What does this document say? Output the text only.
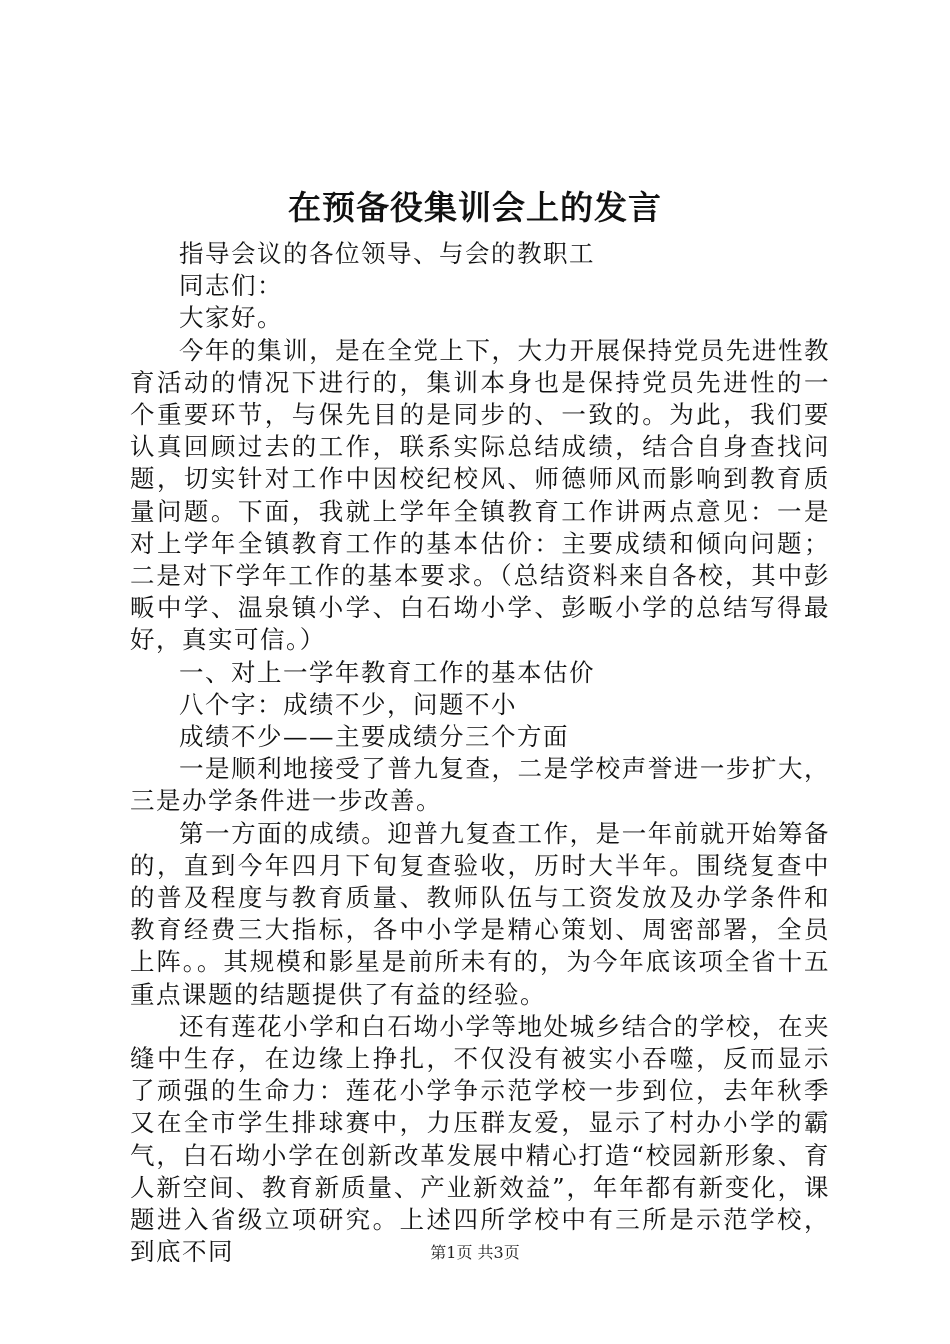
在预备役集训会上的发言

指导会议的各位领导、与会的教职工

同志们：

大家好。

今年的集训，是在全党上下，大力开展保持党员先进性教育活动的情况下进行的，集训本身也是保持党员先进性的一个重要环节，与保先目的是同步的、一致的。为此，我们要认真回顾过去的工作，联系实际总结成绩，结合自身查找问题，切实针对工作中因校纪校风、师德师风而影响到教育质量问题。下面，我就上学年全镇教育工作讲两点意见：一是对上学年全镇教育工作的基本估价：主要成绩和倾向问题；二是对下学年工作的基本要求。（总结资料来自各校，其中彭畈中学、温泉镇小学、白石坳小学、彭畈小学的总结写得最好，真实可信。）

一、对上一学年教育工作的基本估价

八个字：成绩不少，问题不小

成绩不少——主要成绩分三个方面

一是顺利地接受了普九复查，二是学校声誉进一步扩大，三是办学条件进一步改善。

第一方面的成绩。迎普九复查工作，是一年前就开始筹备的，直到今年四月下旬复查验收，历时大半年。围绕复查中的普及程度与教育质量、教师队伍与工资发放及办学条件和教育经费三大指标，各中小学是精心策划、周密部署，全员上阵。。其规模和影星是前所未有的，为今年底该项全省十五重点课题的结题提供了有益的经验。

还有莲花小学和白石坳小学等地处城乡结合的学校，在夹缝中生存，在边缘上挣扎，不仅没有被实小吞噬，反而显示了顽强的生命力：莲花小学争示范学校一步到位，去年秋季又在全市学生排球赛中，力压群友爱，显示了村办小学的霸气，白石坳小学在创新改革发展中精心打造“校园新形象、育人新空间、教育新质量、产业新效益”，年年都有新变化，课题进入省级立项研究。上述四所学校中有三所是示范学校，到底不同	第1页 共3页
